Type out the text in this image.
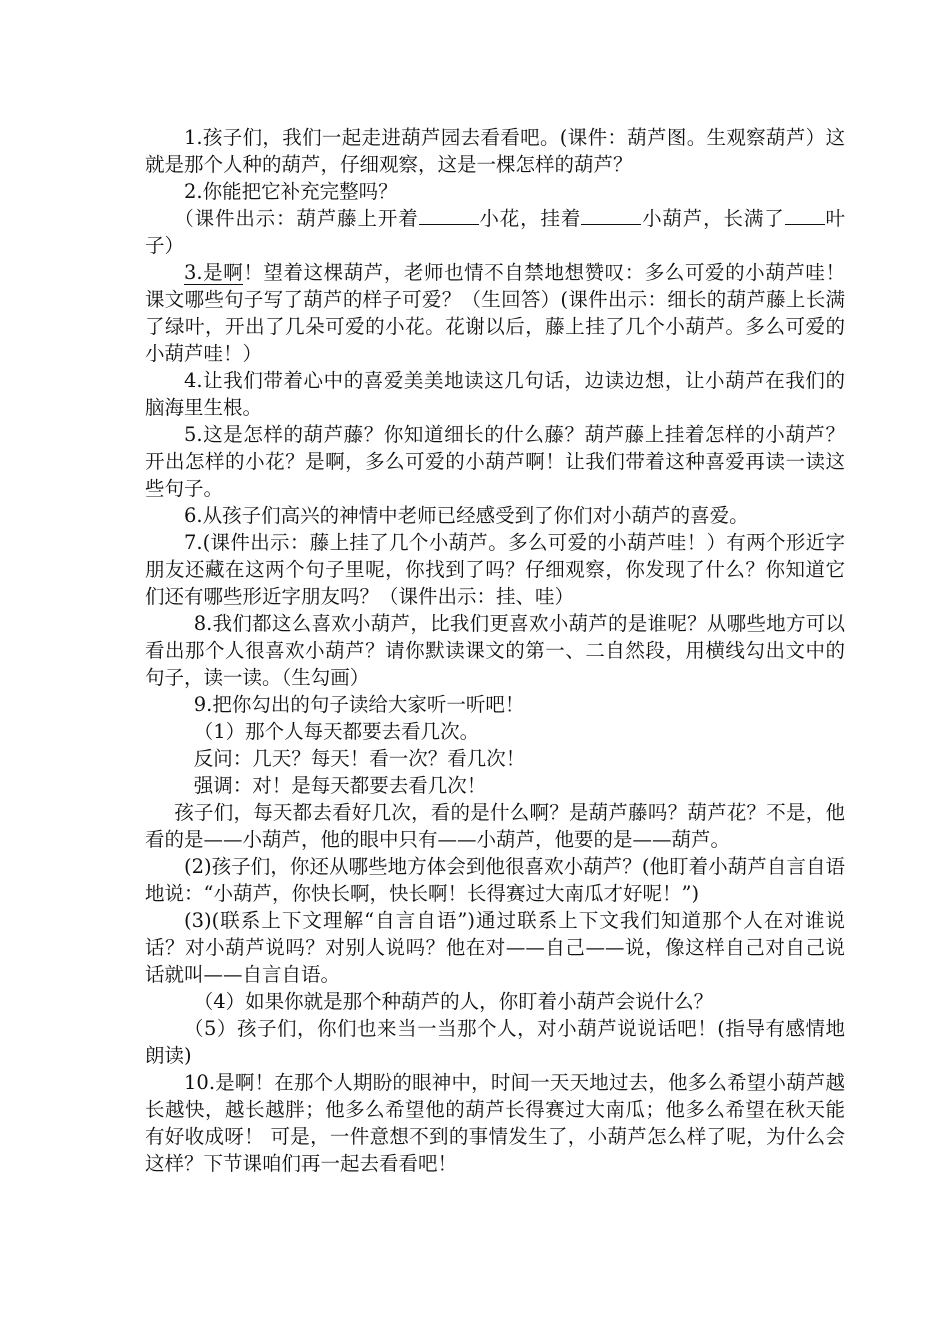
1.孩子们，我们一起走进葫芦园去看看吧。(课件：葫芦图。生观察葫芦）这就是那个人种的葫芦，仔细观察，这是一棵怎样的葫芦？

2.你能把它补充完整吗？

（课件出示：葫芦藤上开着	小花，挂着	小葫芦，长满了 叶子）

3.是啊！望着这棵葫芦，老师也情不自禁地想赞叹：多么可爱的小葫芦哇！课文哪些句子写了葫芦的样子可爱？（生回答）(课件出示：细长的葫芦藤上长满了绿叶，开出了几朵可爱的小花。花谢以后，藤上挂了几个小葫芦。多么可爱的小葫芦哇！）

4.让我们带着心中的喜爱美美地读这几句话，边读边想，让小葫芦在我们的脑海里生根。

5.这是怎样的葫芦藤？你知道细长的什么藤？葫芦藤上挂着怎样的小葫芦？开出怎样的小花？是啊，多么可爱的小葫芦啊！让我们带着这种喜爱再读一读这些句子。

6.从孩子们高兴的神情中老师已经感受到了你们对小葫芦的喜爱。

7.(课件出示：藤上挂了几个小葫芦。多么可爱的小葫芦哇！）有两个形近字朋友还藏在这两个句子里呢，你找到了吗？仔细观察，你发现了什么？你知道它们还有哪些形近字朋友吗？（课件出示：挂、哇）

8.我们都这么喜欢小葫芦，比我们更喜欢小葫芦的是谁呢？从哪些地方可以看出那个人很喜欢小葫芦？请你默读课文的第一、二自然段，用横线勾出文中的句子，读一读。（生勾画）

9.把你勾出的句子读给大家听一听吧！

（1）那个人每天都要去看几次。

反问：几天？每天！看一次？看几次！

强调：对！是每天都要去看几次！

孩子们，每天都去看好几次，看的是什么啊？是葫芦藤吗？葫芦花？不是，他看的是——小葫芦，他的眼中只有——小葫芦，他要的是——葫芦。

(2)孩子们，你还从哪些地方体会到他很喜欢小葫芦？(他盯着小葫芦自言自语地说：“小葫芦，你快长啊，快长啊！长得赛过大南瓜才好呢！”)

(3)(联系上下文理解“自言自语”)通过联系上下文我们知道那个人在对谁说话？对小葫芦说吗？对别人说吗？他在对——自己——说，像这样自己对自己说话就叫——自言自语。

（4）如果你就是那个种葫芦的人，你盯着小葫芦会说什么？

（5）孩子们，你们也来当一当那个人，对小葫芦说说话吧！(指导有感情地朗读)

10.是啊！在那个人期盼的眼神中，时间一天天地过去，他多么希望小葫芦越长越快，越长越胖；他多么希望他的葫芦长得赛过大南瓜；他多么希望在秋天能有好收成呀！ 可是，一件意想不到的事情发生了，小葫芦怎么样了呢，为什么会这样？下节课咱们再一起去看看吧！
